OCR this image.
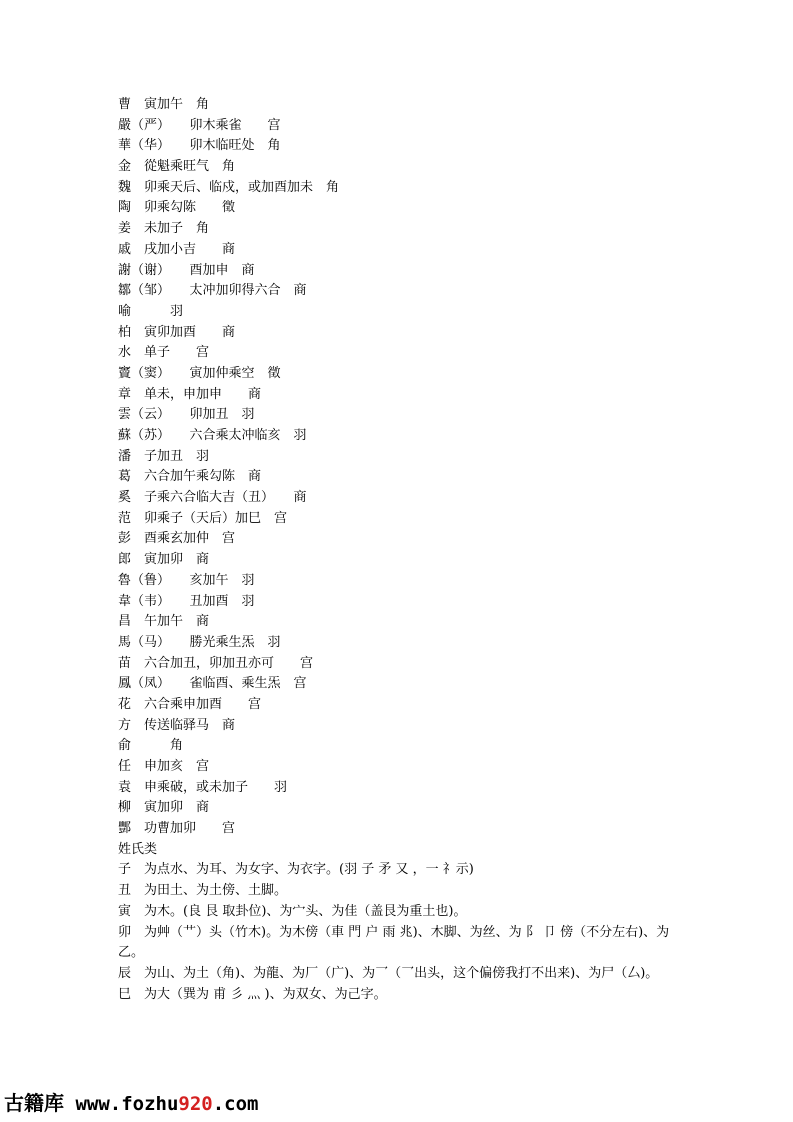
曹　寅加午　角
嚴（严）　　卯木乘雀　　宫
華（华）　　卯木临旺处　角
金　從魁乘旺气　角
魏　卯乘天后、临戍，或加酉加未　角
陶　卯乘勾陈　　徵
姜　未加子　角
戚　戌加小吉　　商
謝（谢）　　酉加申　商
鄒（邹）　　太冲加卯得六合　商
喻　　　羽
柏　寅卯加酉　　商
水　单子　　宫
竇（窦）　　寅加仲乘空　徵
章　单未，申加申　　商
雲（云）　　卯加丑　羽
蘇（苏）　　六合乘太冲临亥　羽
潘　子加丑　羽
葛　六合加午乘勾陈　商
奚　子乘六合临大吉（丑）　　商
范　卯乘子（天后）加巳　宫
彭　酉乘玄加仲　宫
郎　寅加卯　商
魯（鲁）　　亥加午　羽
韋（韦）　　丑加酉　羽
昌　午加午　商
馬（马）　　勝光乘生炁　羽
苗　六合加丑，卯加丑亦可　　宫
鳳（凤）　　雀临酉、乘生炁　宫
花　六合乘申加酉　　宫
方　传送临驿马　商
俞　　　角
任　申加亥　宫
袁　申乘破，或未加子　　羽
柳　寅加卯　商
酆　功曹加卯　　宫
姓氏类
子　为点水、为耳、为女字、为衣字。(羽 子 矛 又 ，一 礻示)
丑　为田土、为土傍、土脚。
寅　为木。(良 艮 取卦位)、为宀头、为佳（盖艮为重土也)。
卯　为艸（艹）头（竹木)。为木傍（車 門 户 雨 兆)、木脚、为丝、为 阝 卩 傍（不分左右)、为乙。
辰　为山、为土（角)、为龍、为厂（广)、为乛（乛出头，这个偏傍我打不出来)、为尸（厶)。
巳　为大（巽为 甫 彡 灬 )、为双女、为己字。
古籍库 www.fozhu920.com
